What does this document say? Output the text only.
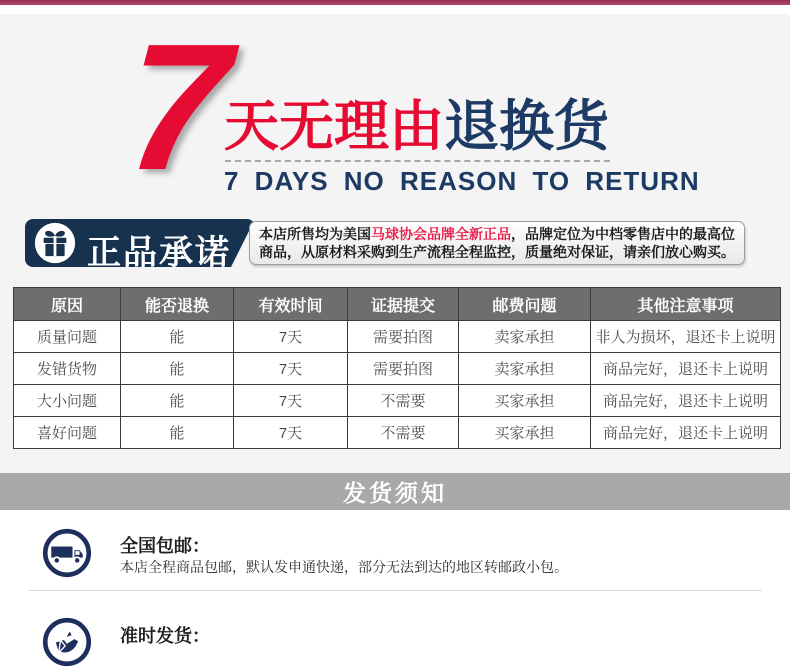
7
天无理由退换货
7 DAYS NO REASON TO RETURN
正品承诺	本店所售均为美国马球协会品牌全新正品，品牌定位为中档零售店中的最高位商品，从原材料采购到生产流程全程监控，质量绝对保证，请亲们放心购买。
原因	能否退换	有效时间	证据提交	邮费问题	其他注意事项
质量问题	能	7天	需要拍图	卖家承担	非人为损坏，退还卡上说明
发错货物	能	7天	需要拍图	卖家承担	商品完好，退还卡上说明
大小问题	能	7天	不需要	买家承担	商品完好，退还卡上说明
喜好问题	能	7天	不需要	买家承担	商品完好，退还卡上说明
发货须知
全国包邮：
本店全程商品包邮，默认发申通快递，部分无法到达的地区转邮政小包。
准时发货：
